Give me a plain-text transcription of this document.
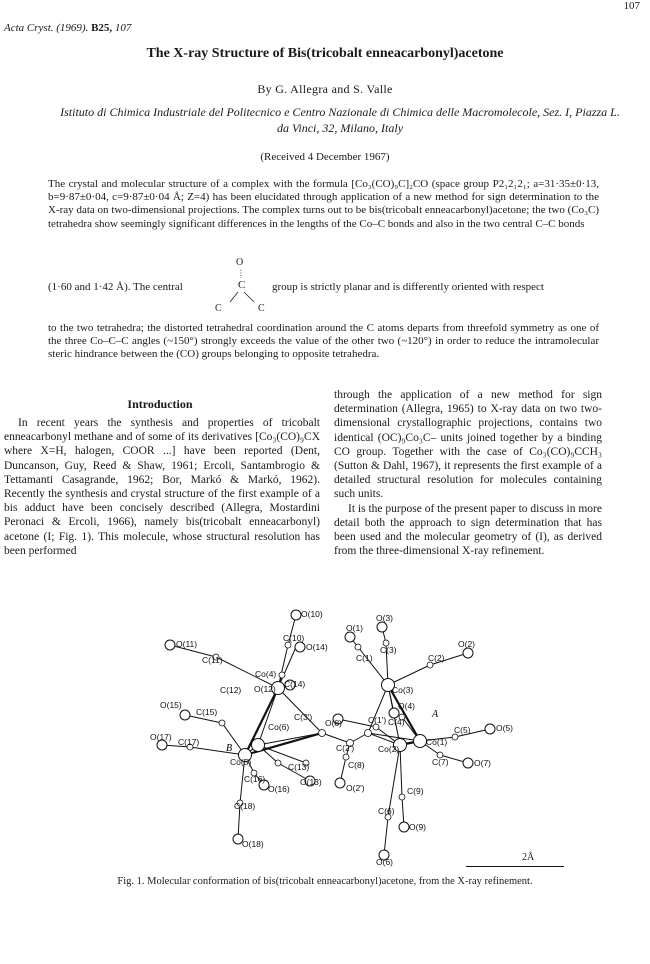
107
Acta Cryst. (1969). B25, 107
The X-ray Structure of Bis(tricobalt enneacarbonyl)acetone
By G. Allegra and S. Valle
Istituto di Chimica Industriale del Politecnico e Centro Nazionale di Chimica delle Macromolecole, Sez. I, Piazza L. da Vinci, 32, Milano, Italy
(Received 4 December 1967)
The crystal and molecular structure of a complex with the formula [Co₃(CO)₉C]₂CO (space group P2₁2₁2₁; a=31·35±0·13, b=9·87±0·04, c=9·87±0·04 Å; Z=4) has been elucidated through application of a new method for sign determination to the X-ray data on two-dimensional projections. The complex turns out to be bis(tricobalt enneacarbonyl)acetone; the two (Co₃C) tetrahedra show seemingly significant differences in the lengths of the Co–C bonds and also in the two central C–C bonds
(1·60 and 1·42 Å). The central	group is strictly planar and is differently oriented with respect
O
C
C	C
to the two tetrahedra; the distorted tetrahedral coordination around the C atoms departs from threefold symmetry as one of the three Co–C–C angles (~150°) strongly exceeds the value of the other two (~120°) in order to reduce the intramolecular steric hindrance between the (CO) groups belonging to opposite tetrahedra.
Introduction

In recent years the synthesis and properties of tricobalt enneacarbonyl methane and of some of its derivatives [Co₃(CO)₉CX where X=H, halogen, COOR ...] have been reported (Dent, Duncanson, Guy, Reed & Shaw, 1961; Ercoli, Santambrogio & Tettamanti Casagrande, 1962; Bor, Markó & Markó, 1962). Recently the synthesis and crystal structure of the first example of a bis adduct have been concisely described (Allegra, Mostardini Peronaci & Ercoli, 1966), namely bis(tricobalt enneacarbonyl) acetone (I; Fig. 1). This molecule, whose structural resolution has been performed

through the application of a new method for sign determination (Allegra, 1965) to X-ray data on two two-dimensional crystallographic projections, contains two identical (OC)₉Co₃C– units joined together by a binding CO group. Together with the case of Co₃(CO)₉CCH₃ (Sutton & Dahl, 1967), it represents the first example of a detailed structural resolution for molecules containing such units.

It is the purpose of the present paper to discuss in more detail both the approach to sign determination that has been used and the molecular geometry of (I), as derived from the three-dimensional X-ray refinement.

O(10)
C(10)
O(14)
O(11)
C(11)
Co(4)
C(12) O(12) C(14)
O(15)
C(15)
Co(6)
C(3')
O(17) C(17)
Co(5)
C(16)
O(16)
C(13)
O(13)
C(18)
O(18)
O(8)
C(2')
O(2')
C(8)
O(1)
O(3)
C(1)
C(3)
C(2)
O(2)
Co(3)
O(4)
C(1') C(4)
Co(1)
C(5)	O(5)
Co(2)
C(7)	O(7)
C(6)
C(9)
O(9)
O(6)
B
A
2Å
Fig. 1. Molecular conformation of bis(tricobalt enneacarbonyl)acetone, from the X-ray refinement.
